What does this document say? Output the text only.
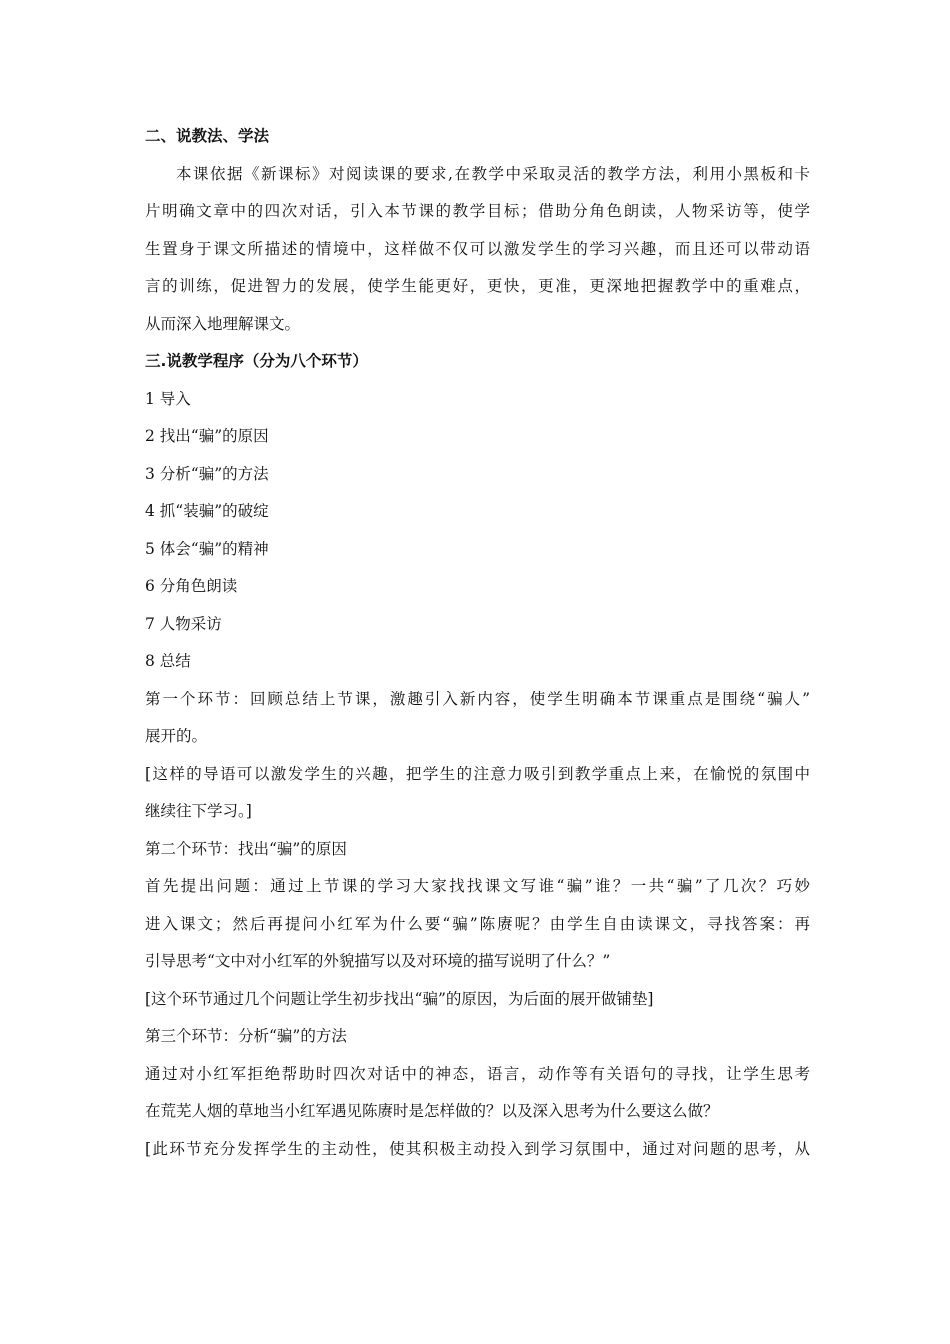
二、说教法、学法
本课依据《新课标》对阅读课的要求,在教学中采取灵活的教学方法，利用小黑板和卡
片明确文章中的四次对话，引入本节课的教学目标；借助分角色朗读，人物采访等，使学
生置身于课文所描述的情境中，这样做不仅可以激发学生的学习兴趣，而且还可以带动语
言的训练，促进智力的发展，使学生能更好，更快，更准，更深地把握教学中的重难点，
从而深入地理解课文。
三.说教学程序（分为八个环节）
1 导入
2 找出“骗”的原因
3 分析“骗”的方法
4 抓“装骗”的破绽
5 体会“骗”的精神
6 分角色朗读
7 人物采访
8 总结
第一个环节：回顾总结上节课，激趣引入新内容，使学生明确本节课重点是围绕“骗人”
展开的。
[这样的导语可以激发学生的兴趣，把学生的注意力吸引到教学重点上来，在愉悦的氛围中
继续往下学习。]
第二个环节：找出“骗”的原因
首先提出问题：通过上节课的学习大家找找课文写谁“骗”谁？一共“骗”了几次？巧妙
进入课文；然后再提问小红军为什么要“骗”陈赓呢？由学生自由读课文，寻找答案：再
引导思考“文中对小红军的外貌描写以及对环境的描写说明了什么？”
[这个环节通过几个问题让学生初步找出“骗”的原因，为后面的展开做铺垫]
第三个环节：分析“骗”的方法
通过对小红军拒绝帮助时四次对话中的神态，语言，动作等有关语句的寻找，让学生思考
在荒芜人烟的草地当小红军遇见陈赓时是怎样做的？以及深入思考为什么要这么做？
[此环节充分发挥学生的主动性，使其积极主动投入到学习氛围中，通过对问题的思考，从
